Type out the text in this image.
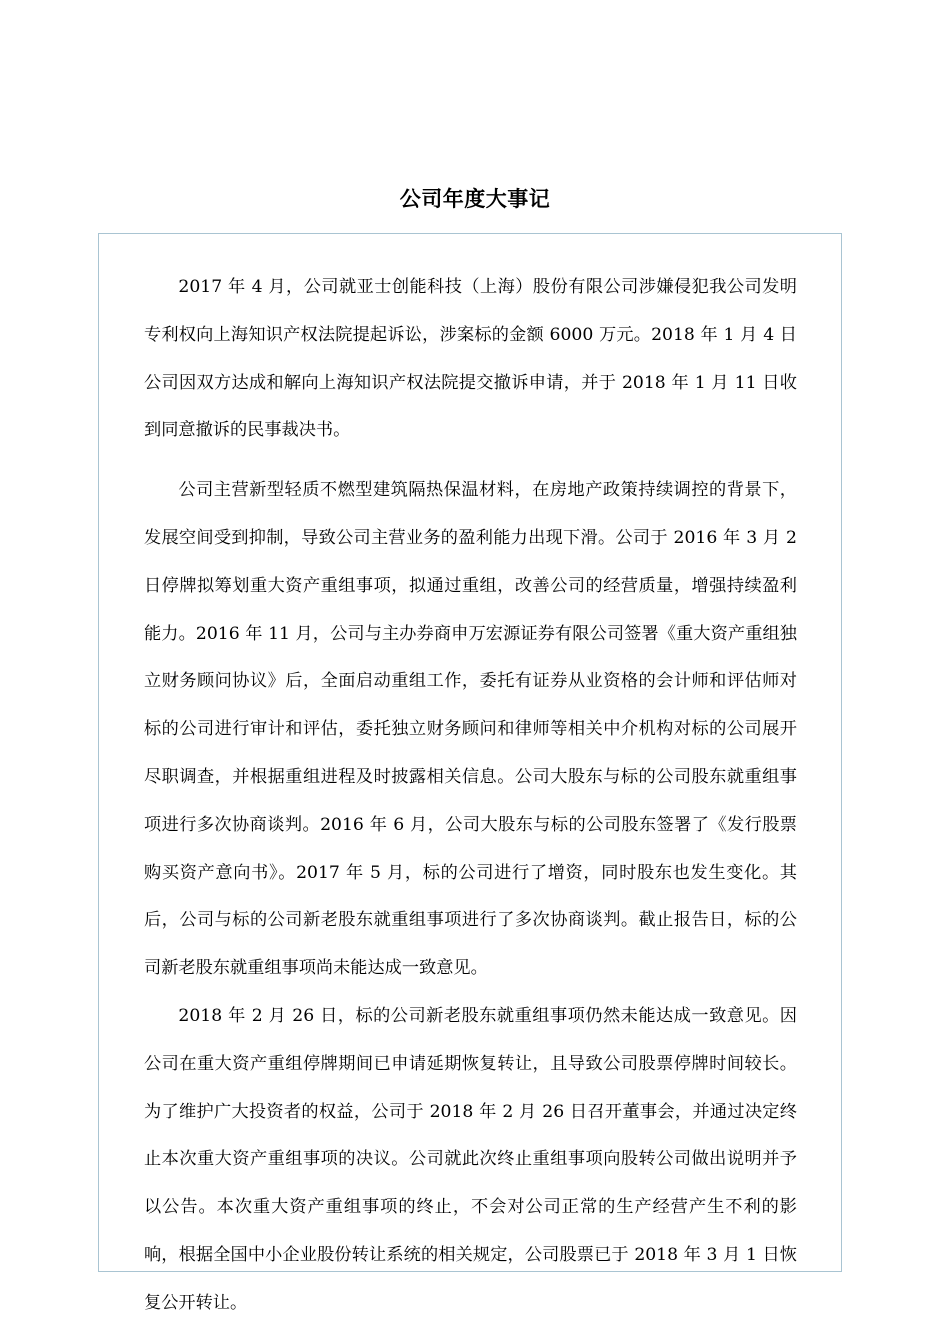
公司年度大事记

2017 年 4 月，公司就亚士创能科技（上海）股份有限公司涉嫌侵犯我公司发明专利权向上海知识产权法院提起诉讼，涉案标的金额 6000 万元。2018 年 1 月 4 日公司因双方达成和解向上海知识产权法院提交撤诉申请，并于 2018 年 1 月 11 日收到同意撤诉的民事裁决书。

公司主营新型轻质不燃型建筑隔热保温材料，在房地产政策持续调控的背景下，发展空间受到抑制，导致公司主营业务的盈利能力出现下滑。公司于 2016 年 3 月 2 日停牌拟筹划重大资产重组事项，拟通过重组，改善公司的经营质量，增强持续盈利能力。2016 年 11 月，公司与主办券商申万宏源证券有限公司签署《重大资产重组独立财务顾问协议》后，全面启动重组工作，委托有证券从业资格的会计师和评估师对标的公司进行审计和评估，委托独立财务顾问和律师等相关中介机构对标的公司展开尽职调查，并根据重组进程及时披露相关信息。公司大股东与标的公司股东就重组事项进行多次协商谈判。2016 年 6 月，公司大股东与标的公司股东签署了《发行股票购买资产意向书》。2017 年 5 月，标的公司进行了增资，同时股东也发生变化。其后，公司与标的公司新老股东就重组事项进行了多次协商谈判。截止报告日，标的公司新老股东就重组事项尚未能达成一致意见。

2018 年 2 月 26 日，标的公司新老股东就重组事项仍然未能达成一致意见。因公司在重大资产重组停牌期间已申请延期恢复转让，且导致公司股票停牌时间较长。为了维护广大投资者的权益，公司于 2018 年 2 月 26 日召开董事会，并通过决定终止本次重大资产重组事项的决议。公司就此次终止重组事项向股转公司做出说明并予以公告。本次重大资产重组事项的终止，不会对公司正常的生产经营产生不利的影响，根据全国中小企业股份转让系统的相关规定，公司股票已于 2018 年 3 月 1 日恢复公开转让。
